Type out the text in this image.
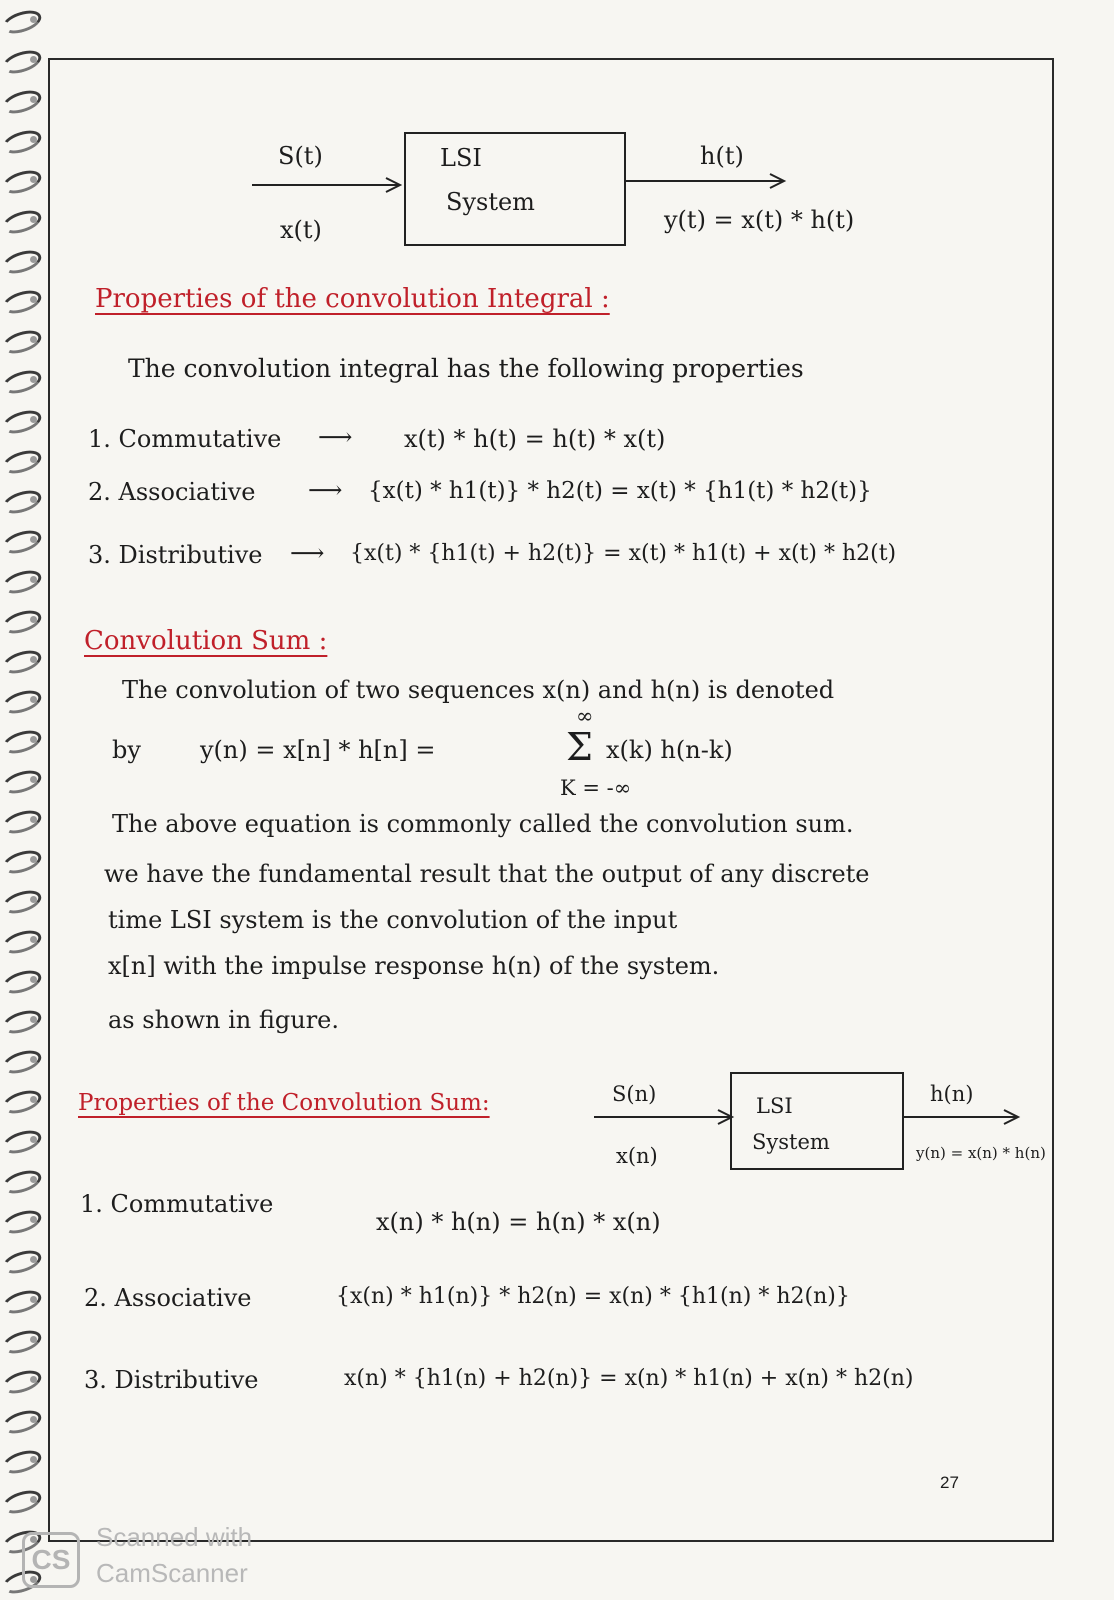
S(t)
x(t)
LSI
System
h(t)
y(t) = x(t) * h(t)
Properties of the convolution Integral :
The convolution integral has the following properties
1. Commutative ⟶ x(t) * h(t) = h(t) * x(t)
2. Associative ⟶ {x(t) * h1(t)} * h2(t) = x(t) * {h1(t) * h2(t)}
3. Distributive ⟶ {x(t) * {h1(t) + h2(t)} = x(t) * h1(t) + x(t) * h2(t)
Convolution Sum :
The convolution of two sequences x(n) and h(n) is denoted
by y(n) = x[n] * h[n] =
∞
Σ
K = -∞
x(k) h(n-k)
The above equation is commonly called the convolution sum.
we have the fundamental result that the output of any discrete
time LSI system is the convolution of the input
x[n] with the impulse response h(n) of the system.
as shown in figure.
Properties of the Convolution Sum:	S(n)
x(n)
LSI
System
h(n)
y(n) = x(n) * h(n)
1. Commutative
x(n) * h(n) = h(n) * x(n)
2. Associative	{x(n) * h1(n)} * h2(n) = x(n) * {h1(n) * h2(n)}
3. Distributive	x(n) * {h1(n) + h2(n)} = x(n) * h1(n) + x(n) * h2(n)
27
CS
Scanned with
CamScanner
